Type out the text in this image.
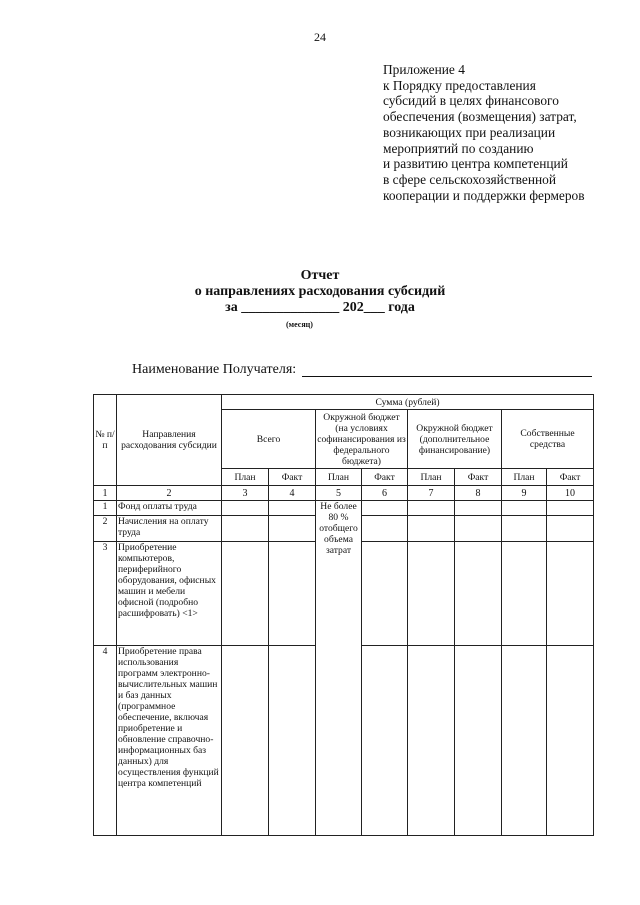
24
Приложение 4
к Порядку предоставления
субсидий в целях финансового
обеспечения (возмещения) затрат,
возникающих при реализации
мероприятий по созданию
и развитию центра компетенций
в сфере сельскохозяйственной
кооперации и поддержки фермеров
Отчет
о направлениях расходования субсидий
за ______________ 202___ года
(месяц)
Наименование Получателя:
№ п/п	Направления расходования субсидии	Сумма (рублей)							
		Всего		Окружной бюджет (на условиях софинансирования из федерального бюджета)		Окружной бюджет (дополнительное финансирование)		Собственные средства	
		План	Факт	План	Факт	План	Факт	План	Факт
1	2	3	4	5	6	7	8	9	10
1	Фонд оплаты труда			Не более 80 % отобщего объема затрат					
2	Начисления на оплату труда								
3	Приобретение компьютеров, периферийного оборудования, офисных машин и мебели офисной (подробно расшифровать) <1>								
4	Приобретение права использования программ электронно-вычислительных машин и баз данных (программное обеспечение, включая приобретение и обновление справочно-информационных баз данных) для осуществления функций центра компетенций								
